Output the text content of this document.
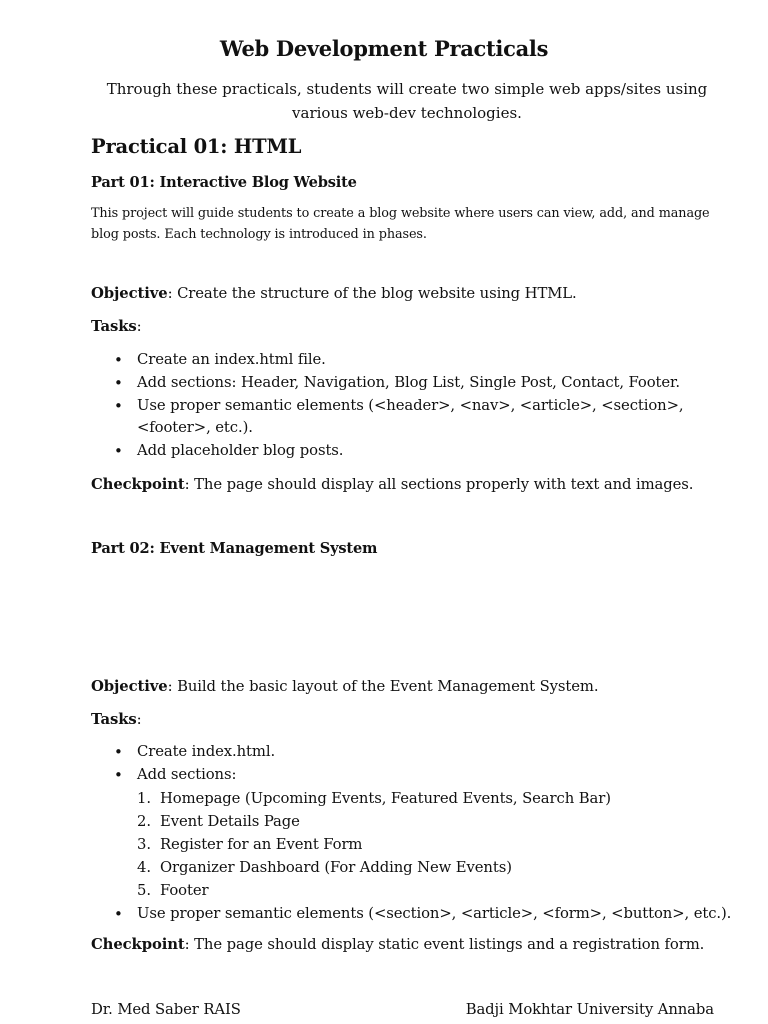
Web Development Practicals

Through these practicals, students will create two simple web apps/sites using various web-dev technologies.

Practical 01: HTML
Part 01: Interactive Blog Website

This project will guide students to create a blog website where users can view, add, and manage blog posts. Each technology is introduced in phases.

Objective: Create the structure of the blog website using HTML.

Tasks:

• Create an index.html file.
• Add sections: Header, Navigation, Blog List, Single Post, Contact, Footer.
• Use proper semantic elements (<header>, <nav>, <article>, <section>, <footer>, etc.).
• Add placeholder blog posts.

Checkpoint: The page should display all sections properly with text and images.

Part 02: Event Management System

Objective: Build the basic layout of the Event Management System.

Tasks:

• Create index.html.
• Add sections:
1. Homepage (Upcoming Events, Featured Events, Search Bar)
2. Event Details Page
3. Register for an Event Form
4. Organizer Dashboard (For Adding New Events)
5. Footer
• Use proper semantic elements (<section>, <article>, <form>, <button>, etc.).

Checkpoint: The page should display static event listings and a registration form.

Dr. Med Saber RAIS	Badji Mokhtar University Annaba
